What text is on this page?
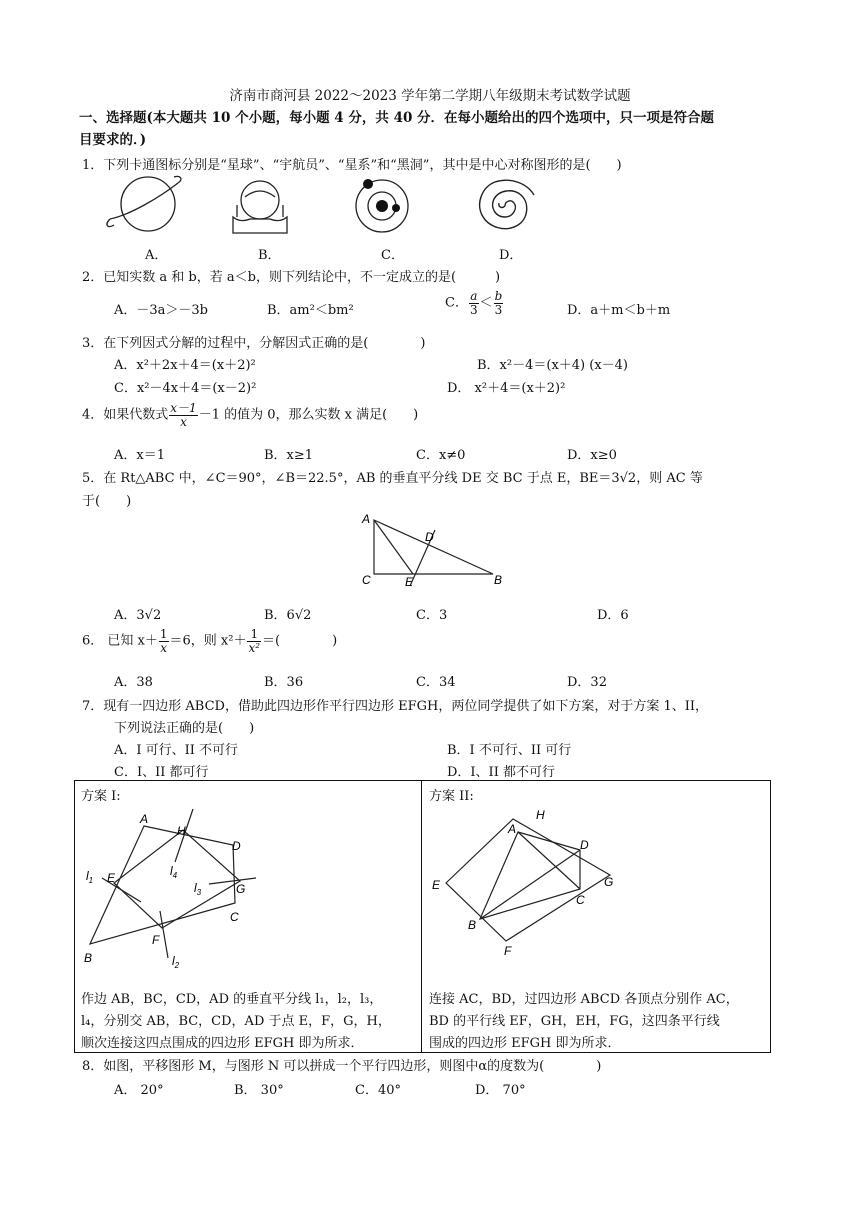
济南市商河县 2022～2023 学年第二学期八年级期末考试数学试题
一、选择题(本大题共 10 个小题，每小题 4 分，共 40 分．在每小题给出的四个选项中，只一项是符合题
目要求的．)
1．下列卡通图标分别是“星球”、“宇航员”、“星系”和“黑洞”，其中是中心对称图形的是(　　)
A．	B．	C．	D．
2．已知实数 a 和 b，若 a＜b，则下列结论中，不一定成立的是(　　　)
A．－3a＞－3b	B．am²＜bm²	C． $\frac{a}{3} < \frac{b}{3}$	D．a＋m＜b＋m
3．在下列因式分解的过程中，分解因式正确的是(　　　　)
A．x²＋2x＋4＝(x＋2)²	B．x²－4＝(x＋4) (x－4)
C．x²－4x＋4＝(x－2)²	D． x²＋4＝(x＋2)²
4．如果代数式 $\frac{x-1}{x} -1$ 的值为 0，那么实数 x 满足(　　)
A．x＝1	B．x≥1	C．x≠0	D．x≥0
5．在 Rt△ABC 中，∠C＝90°，∠B＝22.5°，AB 的垂直平分线 DE 交 BC 于点 E，BE＝3√2，则 AC 等
于(　　)
A
D
C	E	B
A．3√2	B．6√2	C．3	D．6
6． 已知 $x+ \frac{1}{x} =6$，则 $x^2+ \frac{1}{\text{x²}}$ ＝(　　　　)
A．38	B．36	C．34	D．32
7．现有一四边形 ABCD，借助此四边形作平行四边形 EFGH，两位同学提供了如下方案，对于方案 1、II，
下列说法正确的是(　　)
A．I 可行、II 不可行	B．I 不可行、II 可行
C．I、II 都可行	D．I、II 都不可行
方案 I:
A
H
D
E
G
C
F
B
$l_1$
$l_2$
$l_3$
$l_4$
作边 AB，BC，CD，AD 的垂直平分线 l₁，l₂，l₃，
l₄，分别交 AB，BC，CD，AD 于点 E，F，G，H，
顺次连接这四点围成的四边形 EFGH 即为所求．
方案 II:
H
A
D
E	G
C
B
F
连接 AC，BD，过四边形 ABCD 各顶点分别作 AC，
BD 的平行线 EF，GH，EH，FG，这四条平行线
围成的四边形 EFGH 即为所求．
8．如图，平移图形 M，与图形 N 可以拼成一个平行四边形，则图中α的度数为(　　　　)
A． 20°	B． 30°	C．40°	D． 70°
